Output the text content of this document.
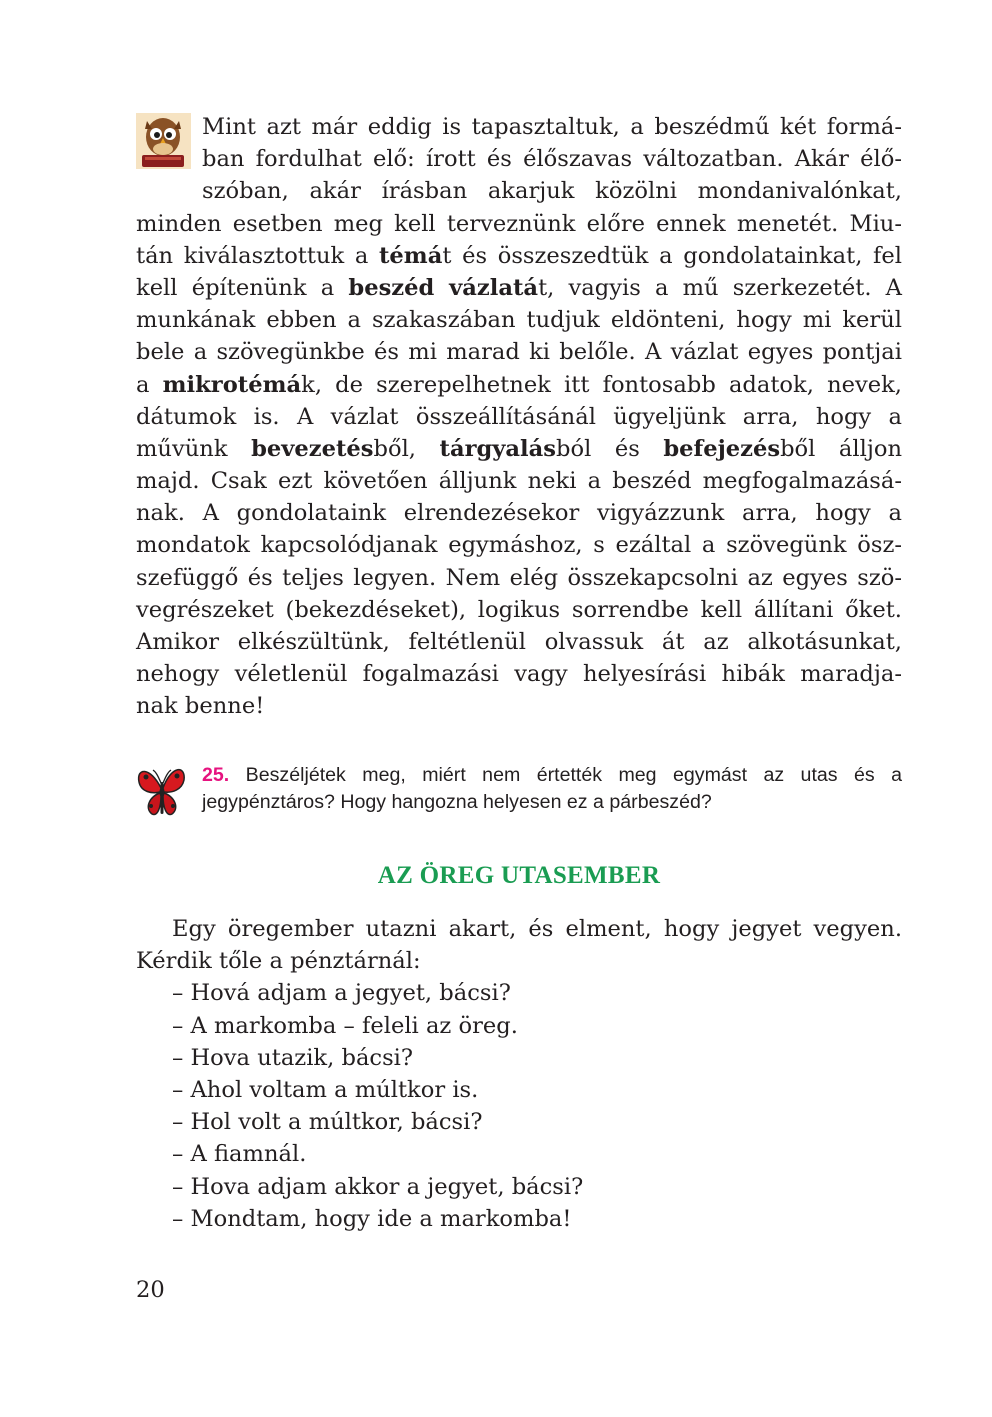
Mint azt már eddig is tapasztaltuk, a beszédmű két formá-
ban fordulhat elő: írott és élőszavas változatban. Akár élő-
szóban, akár írásban akarjuk közölni mondanivalónkat,
minden esetben meg kell terveznünk előre ennek menetét. Miu-
tán kiválasztottuk a témát és összeszedtük a gondolatainkat, fel
kell építenünk a beszéd vázlatát, vagyis a mű szerkezetét. A
munkának ebben a szakaszában tudjuk eldönteni, hogy mi kerül
bele a szövegünkbe és mi marad ki belőle. A vázlat egyes pontjai
a mikrotémák, de szerepelhetnek itt fontosabb adatok, nevek,
dátumok is. A vázlat összeállításánál ügyeljünk arra, hogy a
művünk bevezetésből, tárgyalásból és befejezésből álljon
majd. Csak ezt követően álljunk neki a beszéd megfogalmazásá-
nak. A gondolataink elrendezésekor vigyázzunk arra, hogy a
mondatok kapcsolódjanak egymáshoz, s ezáltal a szövegünk ösz-
szefüggő és teljes legyen. Nem elég összekapcsolni az egyes szö-
vegrészeket (bekezdéseket), logikus sorrendbe kell állítani őket.
Amikor elkészültünk, feltétlenül olvassuk át az alkotásunkat,
nehogy véletlenül fogalmazási vagy helyesírási hibák maradja-
nak benne!
25. Beszéljétek meg, miért nem értették meg egymást az utas és a
jegypénztáros? Hogy hangozna helyesen ez a párbeszéd?
AZ ÖREG UTASEMBER
Egy öregember utazni akart, és elment, hogy jegyet vegyen.
Kérdik tőle a pénztárnál:
– Hová adjam a jegyet, bácsi?
– A markomba – feleli az öreg.
– Hova utazik, bácsi?
– Ahol voltam a múltkor is.
– Hol volt a múltkor, bácsi?
– A fiamnál.
– Hova adjam akkor a jegyet, bácsi?
– Mondtam, hogy ide a markomba!
20
